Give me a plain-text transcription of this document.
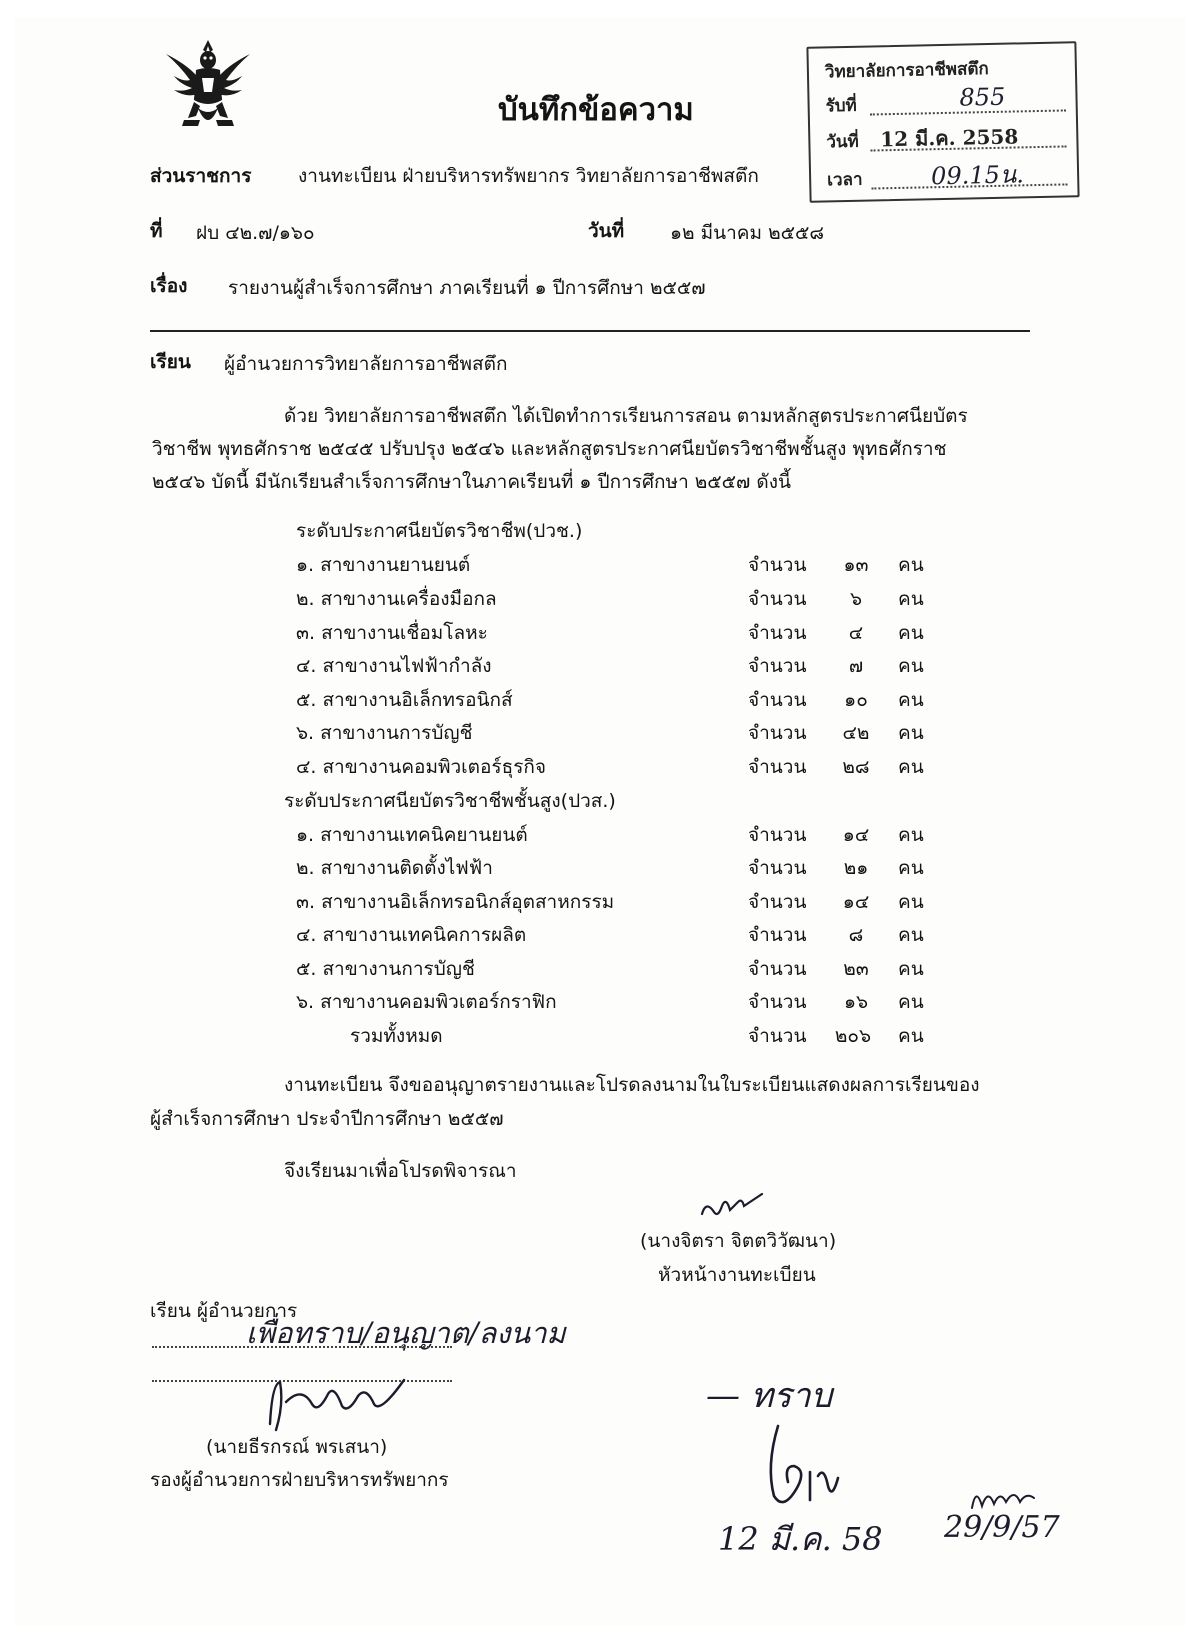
บันทึกข้อความ
วิทยาลัยการอาชีพสตึก
รับที่	855
วันที่ 12 มี.ค. 2558
เวลา	09.15น.
ส่วนราชการ งานทะเบียน ฝ่ายบริหารทรัพยากร วิทยาลัยการอาชีพสตึก
ที่ ฝบ ๔๒.๗/๑๖๐	วันที่ ๑๒ มีนาคม ๒๕๕๘
เรื่อง รายงานผู้สำเร็จการศึกษา ภาคเรียนที่ ๑ ปีการศึกษา ๒๕๕๗
เรียน ผู้อำนวยการวิทยาลัยการอาชีพสตึก
ด้วย วิทยาลัยการอาชีพสตึก ได้เปิดทำการเรียนการสอน ตามหลักสูตรประกาศนียบัตร
วิชาชีพ พุทธศักราช ๒๕๔๕ ปรับปรุง ๒๕๔๖ และหลักสูตรประกาศนียบัตรวิชาชีพชั้นสูง พุทธศักราช
๒๕๔๖ บัดนี้ มีนักเรียนสำเร็จการศึกษาในภาคเรียนที่ ๑ ปีการศึกษา ๒๕๕๗ ดังนี้
ระดับประกาศนียบัตรวิชาชีพ(ปวช.)
๑. สาขางานยานยนต์	จำนวน	๑๓	คน
๒. สาขางานเครื่องมือกล	จำนวน	๖	คน
๓. สาขางานเชื่อมโลหะ	จำนวน	๔	คน
๔. สาขางานไฟฟ้ากำลัง	จำนวน	๗	คน
๕. สาขางานอิเล็กทรอนิกส์	จำนวน	๑๐	คน
๖. สาขางานการบัญชี	จำนวน	๔๒	คน
๔. สาขางานคอมพิวเตอร์ธุรกิจ	จำนวน	๒๘	คน
ระดับประกาศนียบัตรวิชาชีพชั้นสูง(ปวส.)
๑. สาขางานเทคนิคยานยนต์	จำนวน	๑๔	คน
๒. สาขางานติดตั้งไฟฟ้า	จำนวน	๒๑	คน
๓. สาขางานอิเล็กทรอนิกส์อุตสาหกรรม	จำนวน	๑๔	คน
๔. สาขางานเทคนิคการผลิต	จำนวน	๘	คน
๕. สาขางานการบัญชี	จำนวน	๒๓	คน
๖. สาขางานคอมพิวเตอร์กราฟิก	จำนวน	๑๖	คน
รวมทั้งหมด	จำนวน	๒๐๖	คน
งานทะเบียน จึงขออนุญาตรายงานและโปรดลงนามในใบระเบียนแสดงผลการเรียนของ
ผู้สำเร็จการศึกษา ประจำปีการศึกษา ๒๕๕๗
จึงเรียนมาเพื่อโปรดพิจารณา
(นางจิตรา จิตตวิวัฒนา)
หัวหน้างานทะเบียน
เรียน ผู้อำนวยการ
เพื่อทราบ/อนุญาต/ลงนาม
(นายธีรกรณ์ พรเสนา)
รองผู้อำนวยการฝ่ายบริหารทรัพยากร
— ทราบ
12 มี.ค. 58 29/9/57
